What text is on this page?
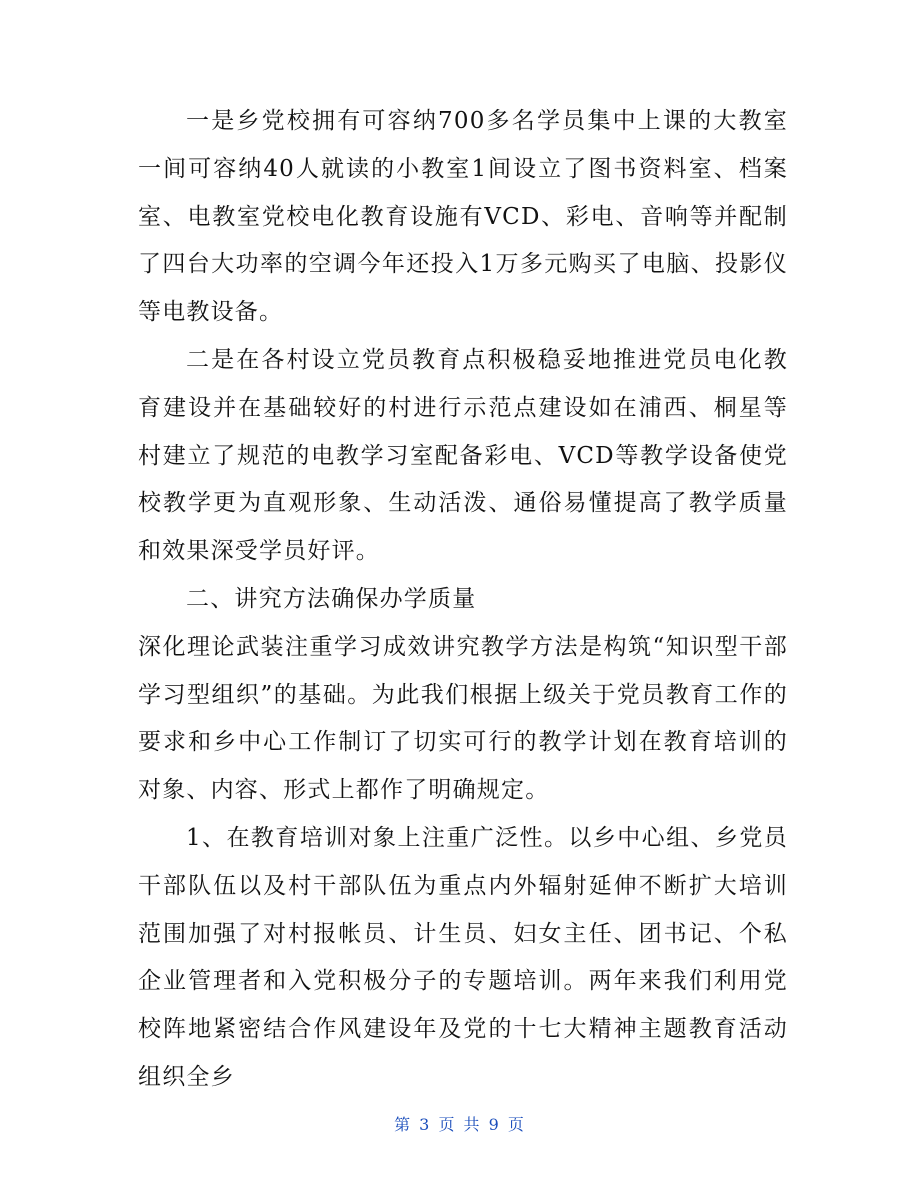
一是乡党校拥有可容纳700多名学员集中上课的大教室一间可容纳40人就读的小教室1间设立了图书资料室、档案室、电教室党校电化教育设施有VCD、彩电、音响等并配制了四台大功率的空调今年还投入1万多元购买了电脑、投影仪等电教设备。

二是在各村设立党员教育点积极稳妥地推进党员电化教育建设并在基础较好的村进行示范点建设如在浦西、桐星等村建立了规范的电教学习室配备彩电、VCD等教学设备使党校教学更为直观形象、生动活泼、通俗易懂提高了教学质量和效果深受学员好评。

二、讲究方法确保办学质量

深化理论武装注重学习成效讲究教学方法是构筑“知识型干部学习型组织”的基础。为此我们根据上级关于党员教育工作的要求和乡中心工作制订了切实可行的教学计划在教育培训的对象、内容、形式上都作了明确规定。

1、在教育培训对象上注重广泛性。以乡中心组、乡党员干部队伍以及村干部队伍为重点内外辐射延伸不断扩大培训范围加强了对村报帐员、计生员、妇女主任、团书记、个私企业管理者和入党积极分子的专题培训。两年来我们利用党校阵地紧密结合作风建设年及党的十七大精神主题教育活动组织全乡

第 3 页 共 9 页
